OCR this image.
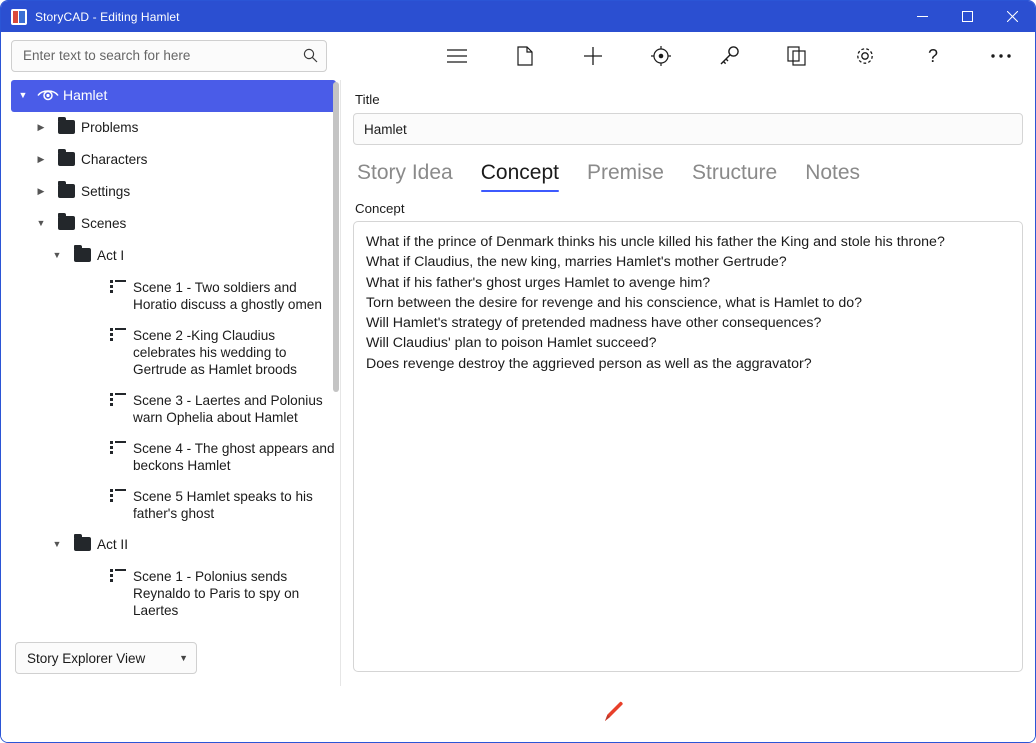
StoryCAD - Editing Hamlet
Enter text to search for here	?
▼	Hamlet
▶	Problems
▶	Characters
▶	Settings
▼	Scenes
▼	Act I
Scene 1 - Two soldiers and Horatio discuss a ghostly omen
Scene 2 -King Claudius celebrates his wedding to Gertrude as Hamlet broods
Scene 3 - Laertes and Polonius warn Ophelia about Hamlet
Scene 4 - The ghost appears and beckons Hamlet
Scene 5 Hamlet speaks to his father's ghost
▼	Act II
Scene 1 - Polonius sends Reynaldo to Paris to spy on Laertes
Story Explorer View	▼
Title
Hamlet
Story Idea	Concept	Premise	Structure	Notes
Concept

What if the prince of Denmark thinks his uncle killed his father the King and stole his throne?

What if Claudius, the new king, marries Hamlet's mother Gertrude?

What if his father's ghost urges Hamlet to avenge him?

Torn between the desire for revenge and his conscience, what is Hamlet to do?

Will Hamlet's strategy of pretended madness have other consequences?

Will Claudius' plan to poison Hamlet succeed?

Does revenge destroy the aggrieved person as well as the aggravator?
